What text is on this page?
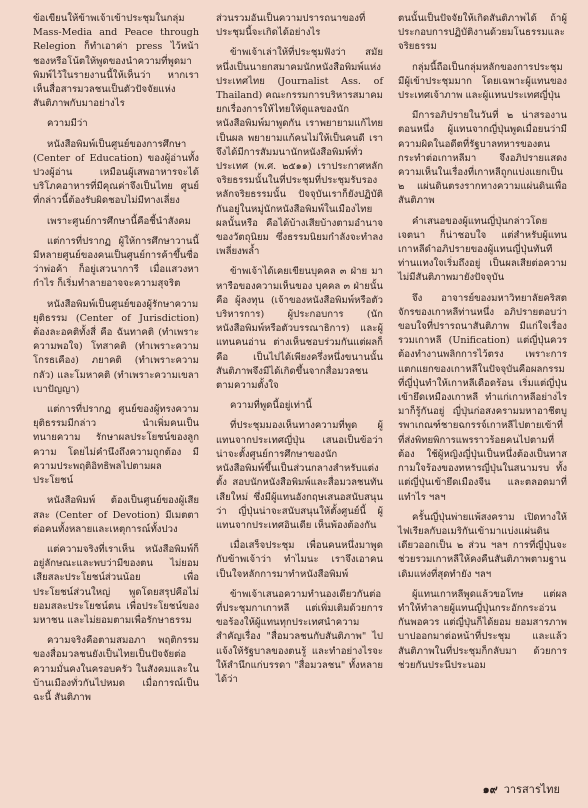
ข้อเขียนให้ข้าพเจ้าเข้าประชุมในกลุ่ม Mass-Media and Peace through Relegion ก็ทำเอาค่า press ไว้หน้าชองหรือโน้ตให้พูดของนำความที่พูดมาพิมพ์ไว้ในรายงานนี้ให้เห็นว่า หากเราเห็นสื่อสารมวลชนเป็นตัวปัจจัยแห่งสันติภาพกับมาอย่างไร

ความมีว่า

หนังสือพิมพ์เป็นศูนย์ของการศึกษา (Center of Education) ของผู้อ่านทั้งปวงผู้อ่าน เหมือนผู้เสพอาหารจะได้บริโภคอาหารที่มีคุณค่าจึงเป็นไทย ศูนย์ที่กล่าวนี้ต้องรับผิดชอบไม่มีทางเลี่ยง

เพราะศูนย์การศึกษานี้คือชี้นำสังคม

แต่การที่ปรากฏ ผู้ให้การศึกษาวานนี้ มีหลายศูนย์ของคนเป็นศูนย์การค้าขึ้นซื่อว่าพ่อค้า ก็อยู่เสวนาการี เมื่อแสวงหากำไร ก็เริ่มทำลายอาจจะความสุจริต

หนังสือพิมพ์เป็นศูนย์ของผู้รักษาความยุติธรรม (Center of Jurisdiction) ต้องละอคติทั้งสี่ คือ ฉันทาคติ (ทำเพราะความพอใจ) โทสาคติ (ทำเพราะความโกรธเคือง) ภยาคติ (ทำเพราะความกลัว) และโมหาคติ (ทำเพราะความเขลาเบาปัญญา)

แต่การที่ปรากฏ ศูนย์ของผู้ทรงความยุติธรรมมีกล่าว นำเพิ่มคนเป็นทนายความ รักษาผลประโยชน์ของลูกความ โดยไม่คำนึงถึงความถูกต้อง มีความประพฤติอิทธิพลไปตามผลประโยชน์

หนังสือพิมพ์ ต้องเป็นศูนย์ของผู้เสียสละ (Center of Devotion) มีเมตตาต่อคนทั้งหลายและเหตุการณ์ทั้งปวง

แต่ความจริงที่เราเห็น หนังสือพิมพ์ก็อยู่ลักษณะและพบว่ามีของตน ไม่ยอมเสียสละประโยชน์ส่วนน้อย เพื่อประโยชน์ส่วนใหญ่ พูดโดยสรุปคือไม่ยอมสละประโยชน์ตน เพื่อประโยชน์ของมหาชน และไม่ยอมตามเพื่อรักษาธรรม

ความจริงคือตามสมอภา พฤติกรรมของสื่อมวลชนยังเป็นไทยเป็นปัจจัยต่อความมั่นคงในครอบครัว ในสังคมและในบ้านเมืองทั่วกันไปหมด เมื่อการณ์เป็นฉะนี้ สันติภาพ

ส่วนรวมอันเป็นความปรารถนาของที่ประชุมนี้จะเกิดได้อย่างไร

ข้าพเจ้าเล่าให้ที่ประชุมฟังว่า สมัยหนึ่งเป็นนายกสมาคมนักหนังสือพิมพ์แห่งประเทศไทย (Journalist Ass. of Thailand) คณะกรรมการบริหารสมาคม ยกเรื่องการให้ไทยให้ดูแลของนักหนังสือพิมพ์มาพูดกัน เราพยายามแก้ไทยเป็นผล พยายามแก้คนไม่ให้เป็นคนดี เราจึงได้มีการสัมมนานักหนังสือพิมพ์ทั่วประเทศ (พ.ศ. ๒๕๑๑) เราประกาศหลักจริยธรรมนั้นในที่ประชุมที่ประชุมรับรองหลักจริยธรรมนั้น ปัจจุบันเราก็ยังปฏิบัติกันอยู่ในหมู่นักหนังสือพิมพ์ในเมืองไทย ผลนั้นหรือ คือได้บ้างเสียบ้างตามอำนาจของวัตถุนิยม ซึ่งธรรมนิยมกำลังจะทำลงเพลี่ยงพล้ำ

ข้าพเจ้าได้เคยเขียนบุคคล ๓ ฝ่าย มาหารือของความเห็นของ บุคคล ๓ ฝ่ายนั้น คือ ผู้ลงทุน (เจ้าของหนังสือพิมพ์หรือตัวบริหารการ) ผู้ประกอบการ (นักหนังสือพิมพ์หรือตัวบรรณาธิการ) และผู้แทนคนอ่าน ต่างเห็นชอบร่วมกันแต่ผลก็คือ เป็นไปได้เพียงครึ่งหนึ่งขนานนั้นสันติภาพจึงมีได้เกิดขึ้นจากสื่อมวลชนตามความตั้งใจ

ความที่พูดนี้อยู่เท่านี้

ที่ประชุมมองเห็นทางความที่พูด ผู้แทนจากประเทศญี่ปุ่น เสนอเป็นข้อว่า น่าจะตั้งศูนย์การศึกษาของนักหนังสือพิมพ์ขึ้นเป็นส่วนกลางสำหรับแต่งตั้ง สอบนักหนังสือพิมพ์และสื่อมวลชนทันเสียใหม่ ซึ่งมีผู้แทนอังกฤษเสนอสนับสนุนว่า ญี่ปุ่นน่าจะสนับสนุนให้ตั้งศูนย์นี้ ผู้แทนจากประเทศอินเดีย เห็นพ้องต้องกัน

เมื่อเสร็จประชุม เพื่อนคนหนึ่งมาพูดกับข้าพเจ้าว่า ทำไมนะ เราจึงเอาคนเป็นใจหลักการมาทำหนังสือพิมพ์

ข้าพเจ้าเสนอความทำนองเดียวกันต่อที่ประชุมกาเกาหลี แต่เพิ่มเติมด้วยการขอร้องให้ผู้แทนทุกประเทศนำความสำคัญเรื่อง "สื่อมวลชนกับสันติภาพ" ไปแจ้งให้รัฐบาลของตนรู้ และทำอย่างไรจะให้สำนึกแก่บรรดา "สื่อมวลชน" ทั้งหลายได้ว่า

ตนนั้นเป็นปัจจัยให้เกิดสันติภาพได้ ถ้าผู้ประกอบการปฏิบัติงานด้วยมโนธรรมและจริยธรรม

กลุ่มนี้ถือเป็นกลุ่มหลักของการประชุมมีผู้เข้าประชุมมาก โดยเฉพาะผู้แทนของประเทศเจ้าภาพ และผู้แทนประเทศญี่ปุ่น

มีการอภิปรายในวันที่ ๒ น่าสรองานตอนหนึ่ง ผู้แทนจากญี่ปุ่นพูดเมื่อยนว่ามีความผิดในอดีตที่รัฐบาลทหารของตนกระทำต่อเกาหลีมา จึงอภิปรายแสดงความเห็นในเรื่องที่เกาหลีถูกแบ่งแยกเป็น ๒ แผ่นดินตรงรากทางความแผ่นดินเพื่อสันติภาพ

คำเสนอของผู้แทนญี่ปุ่นกล่าวโดยเจตนา ก็น่าชอบใจ แต่สำหรับผู้แทนเกาหลีดำอภิปรายของผู้แทนญี่ปุ่นทันทีท่านแทงใจเริ่มถึงอยู่ เป็นผลเสียต่อความไม่มีสันติภาพมายังปัจจุบัน

จึง อาจารย์ของมหาวิทยาลัยคริสตจักรของเกาหลีท่านหนึ่ง อภิปรายตอบว่า ขอบใจที่ปรารถนาสันติภาพ มีแก่ใจเรื่องรวมเกาหลี (Unification) แต่ญี่ปุ่นควรต้องทำงานพลิกการไว้ตรง เพราะการแตกแยกของเกาหลีในปัจจุบันคือผลกรรมที่ญี่ปุ่นทำให้เกาหลีเดือดร้อน เริ่มแต่ญี่ปุ่นเข้ายึดเหมืองเกาหลี ทำแก่เกาหลีอย่างไรมาก็รู้กันอยู่ ญี่ปุ่นก่อสงครามมหาอาชีตบูรพาเกณฑ์ชายฉกรรจ์เกาหลีไปตายเข้าที่ ที่ส่งพิทยพิการแพรราวร้อยคนไปตามที่ต้อง ใช้ผู้หญิงญี่ปุ่นเป็นหนึ่งต้องเป็นทาสกามใจร้องของทหารญี่ปุ่นในสนามรบ ทั้งแต่ญี่ปุ่นเข้ายึดเมืองจีน และตลอดมาที่แทำไร ฯลฯ

ครั้นญี่ปุ่นพ่ายแพ้สงคราม เปิดทางให้ไฟเรียลกับอเมริกันเข้ามาแบ่งแผ่นดินเดียวออกเป็น ๒ ส่วน ฯลฯ การที่ญี่ปุ่นจะช่วยรวมเกาหลีให้คงคืนสันติภาพตามฐานเดิมแห่งที่สุดทำยัง ฯลฯ

ผู้แทนเกาหลีพูดแล้วขอโทษ แต่ผลทำให้ทำลายผู้แทนญี่ปุ่นกระอักกระอ่วนกันพอควร แต่ญี่ปุ่นก็ได้ยอม ยอมสารภาพบาปออกมาต่อหน้าที่ประชุม และแล้ว สันติภาพในที่ประชุมก็กลับมา ด้วยการช่วยกันประนีประนอม

๑๙ วารสารไทย
